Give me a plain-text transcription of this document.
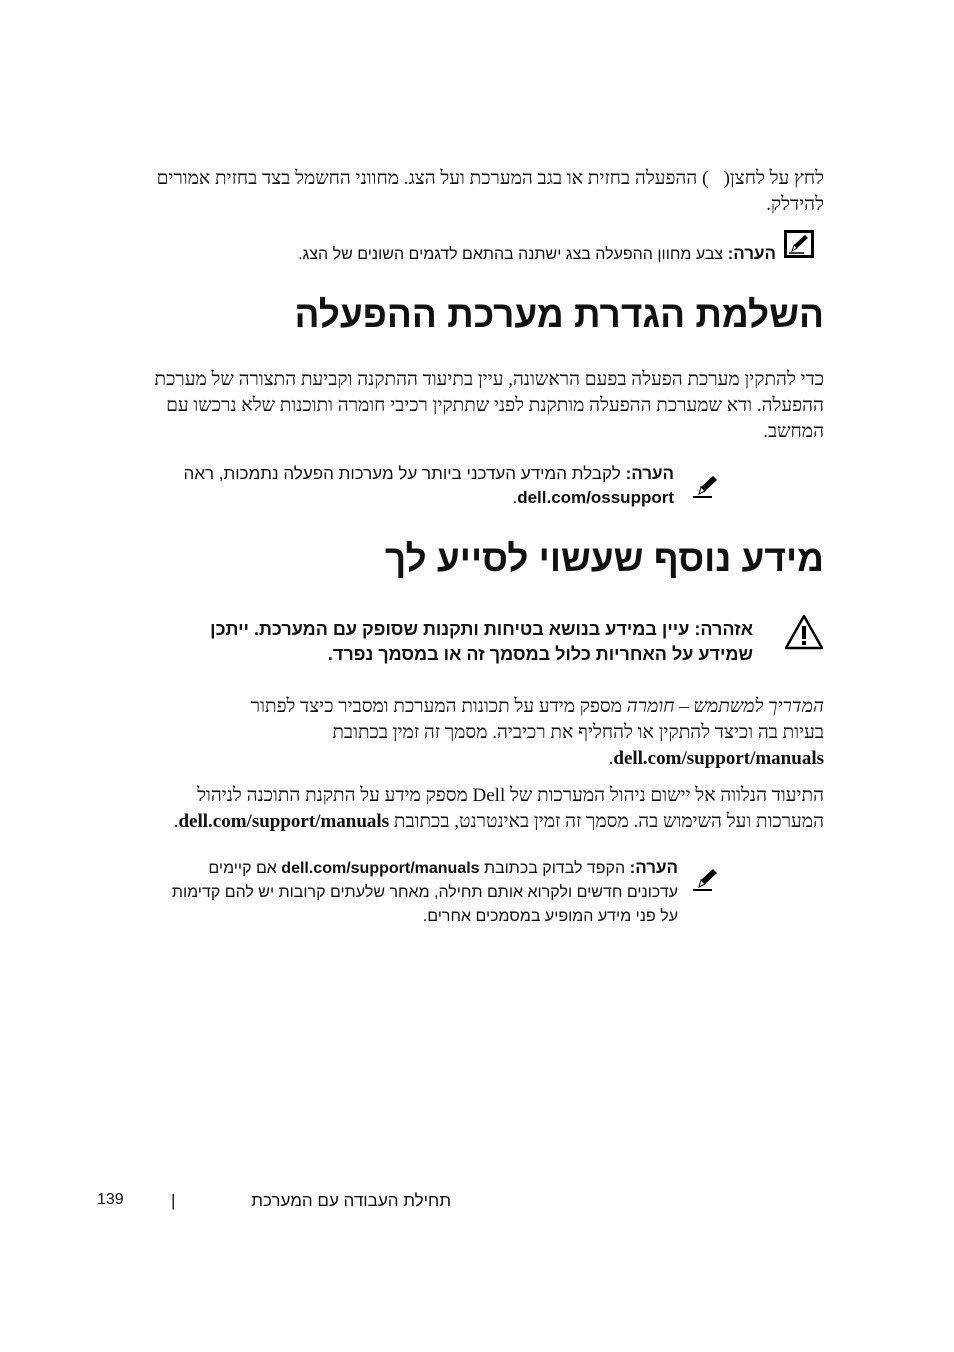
לחץ על לחצן() ההפעלה בחזית או בגב המערכת ועל הצג. מחווני החשמל בצד בחזית אמורים
להידלק.
הערה: צבע מחוון ההפעלה בצג ישתנה בהתאם לדגמים השונים של הצג.
השלמת הגדרת מערכת ההפעלה
כדי להתקין מערכת הפעלה בפעם הראשונה, עיין בתיעוד ההתקנה וקביעת התצורה של מערכת
ההפעלה. ודא שמערכת ההפעלה מותקנת לפני שתתקין רכיבי חומרה ותוכנות שלא נרכשו עם
המחשב.
הערה: לקבלת המידע העדכני ביותר על מערכות הפעלה נתמכות, ראה
dell.com/ossupport.
מידע נוסף שעשוי לסייע לך
אזהרה: עיין במידע בנושא בטיחות ותקנות שסופק עם המערכת. ייתכן
שמידע על האחריות כלול במסמך זה או במסמך נפרד.
המדריך למשתמש – חומרה מספק מידע על תכונות המערכת ומסביר כיצד לפתור
בעיות בה וכיצד להתקין או להחליף את רכיביה. מסמך זה זמין בכתובת
dell.com/support/manuals.
התיעוד הנלווה אל יישום ניהול המערכות של Dell מספק מידע על התקנת התוכנה לניהול
המערכות ועל השימוש בה. מסמך זה זמין באינטרנט, בכתובת dell.com/support/manuals.
הערה: הקפד לבדוק בכתובת dell.com/support/manuals אם קיימים
עדכונים חדשים ולקרוא אותם תחילה, מאחר שלעתים קרובות יש להם קדימות
על פני מידע המופיע במסמכים אחרים.
תחילת העבודה עם המערכת
|
139
